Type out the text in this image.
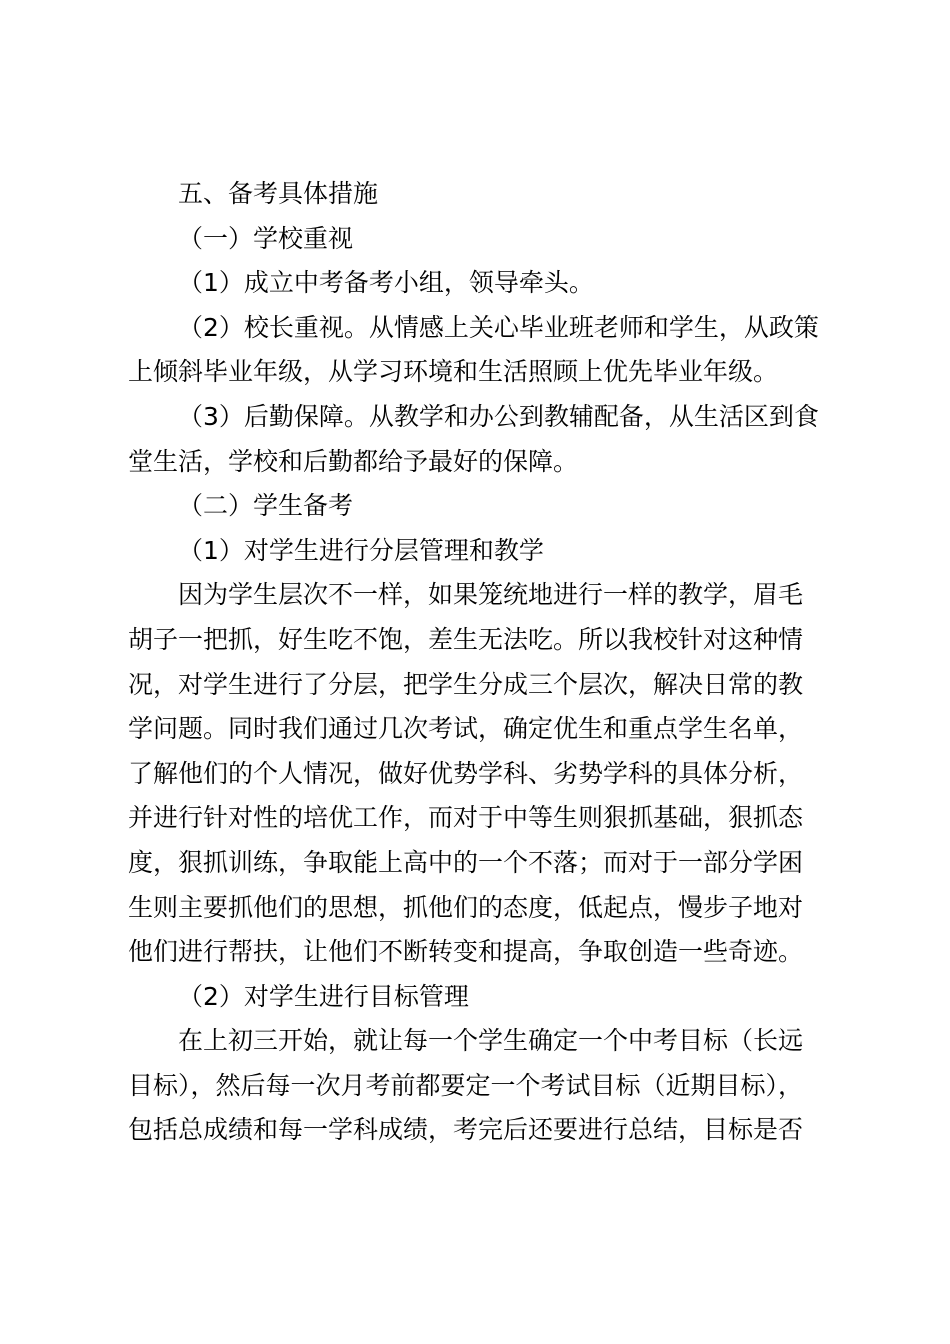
五、备考具体措施
（一）学校重视
（1）成立中考备考小组，领导牵头。
（2）校长重视。从情感上关心毕业班老师和学生，从政策
上倾斜毕业年级，从学习环境和生活照顾上优先毕业年级。
（3）后勤保障。从教学和办公到教辅配备，从生活区到食
堂生活，学校和后勤都给予最好的保障。
（二）学生备考
（1）对学生进行分层管理和教学
因为学生层次不一样，如果笼统地进行一样的教学，眉毛
胡子一把抓，好生吃不饱，差生无法吃。所以我校针对这种情
况，对学生进行了分层，把学生分成三个层次，解决日常的教
学问题。同时我们通过几次考试，确定优生和重点学生名单，
了解他们的个人情况，做好优势学科、劣势学科的具体分析，
并进行针对性的培优工作，而对于中等生则狠抓基础，狠抓态
度，狠抓训练，争取能上高中的一个不落；而对于一部分学困
生则主要抓他们的思想，抓他们的态度，低起点，慢步子地对
他们进行帮扶，让他们不断转变和提高，争取创造一些奇迹。
（2）对学生进行目标管理
在上初三开始，就让每一个学生确定一个中考目标（长远
目标），然后每一次月考前都要定一个考试目标（近期目标），
包括总成绩和每一学科成绩，考完后还要进行总结，目标是否
